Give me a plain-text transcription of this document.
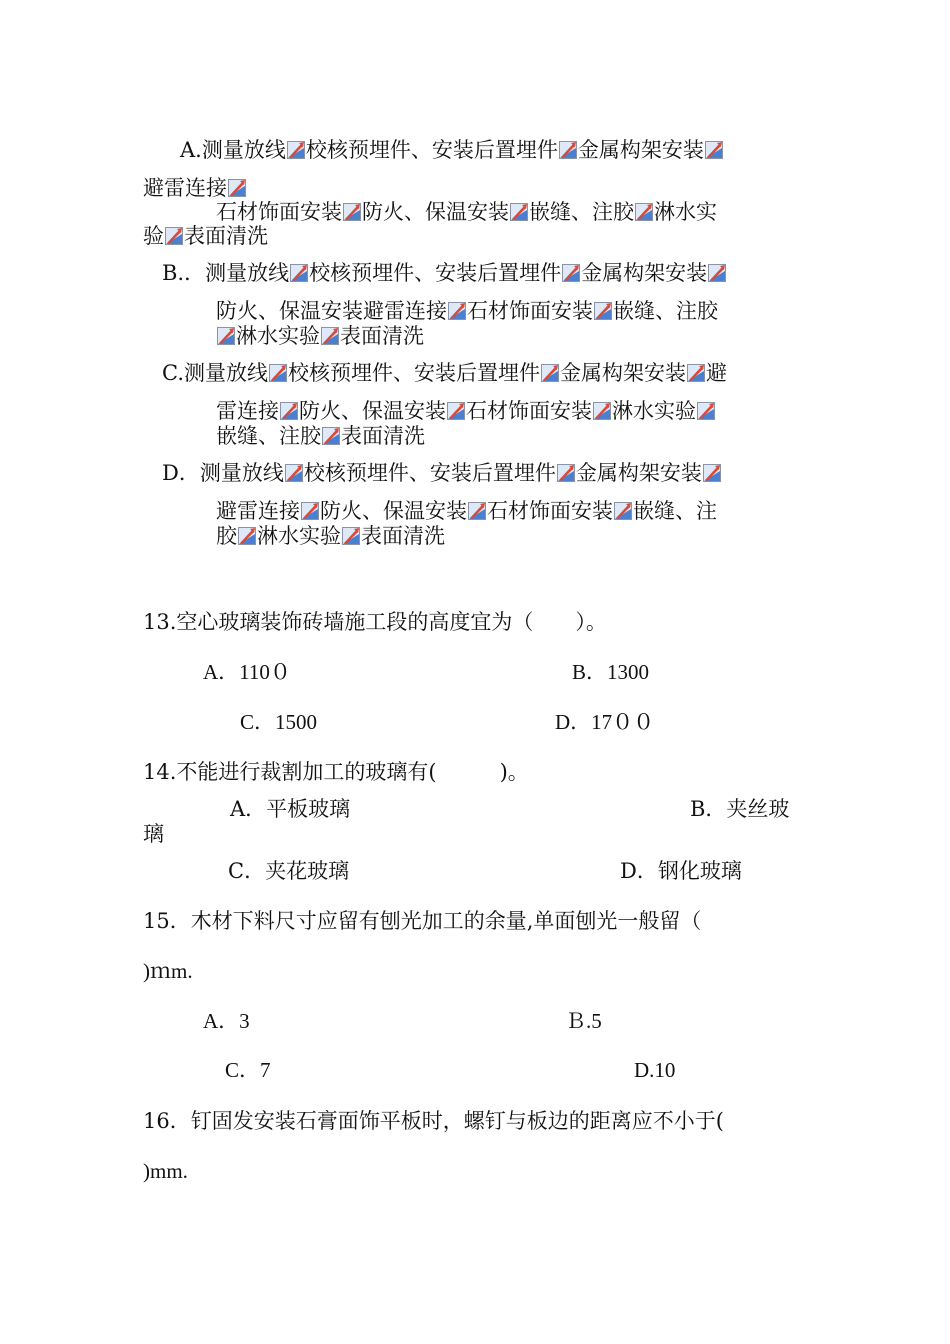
A.测量放线 校核预埋件、安装后置埋件 金属构架安装
避雷连接
石材饰面安装 防火、保温安装 嵌缝、注胶 淋水实
验 表面清洗
B.．测量放线 校核预埋件、安装后置埋件 金属构架安装
防火、保温安装避雷连接 石材饰面安装 嵌缝、注胶
淋水实验 表面清洗
C.测量放线 校核预埋件、安装后置埋件 金属构架安装 避
雷连接 防火、保温安装 石材饰面安装 淋水实验
嵌缝、注胶 表面清洗
D．测量放线 校核预埋件、安装后置埋件 金属构架安装
避雷连接 防火、保温安装 石材饰面安装 嵌缝、注
胶 淋水实验 表面清洗
13.空心玻璃装饰砖墙施工段的高度宜为（　　）。
A．110０	B．1300
C．1500	D．17００
14.不能进行裁割加工的玻璃有(　　　)。
A．平板玻璃	B．夹丝玻
璃
C．夹花玻璃	D．钢化玻璃
15．木材下料尺寸应留有刨光加工的余量,单面刨光一般留（
)ｍm.
A．3	Ｂ.5
C．7	D.10
16．钉固发安装石膏面饰平板时，螺钉与板边的距离应不小于(
)mm.
